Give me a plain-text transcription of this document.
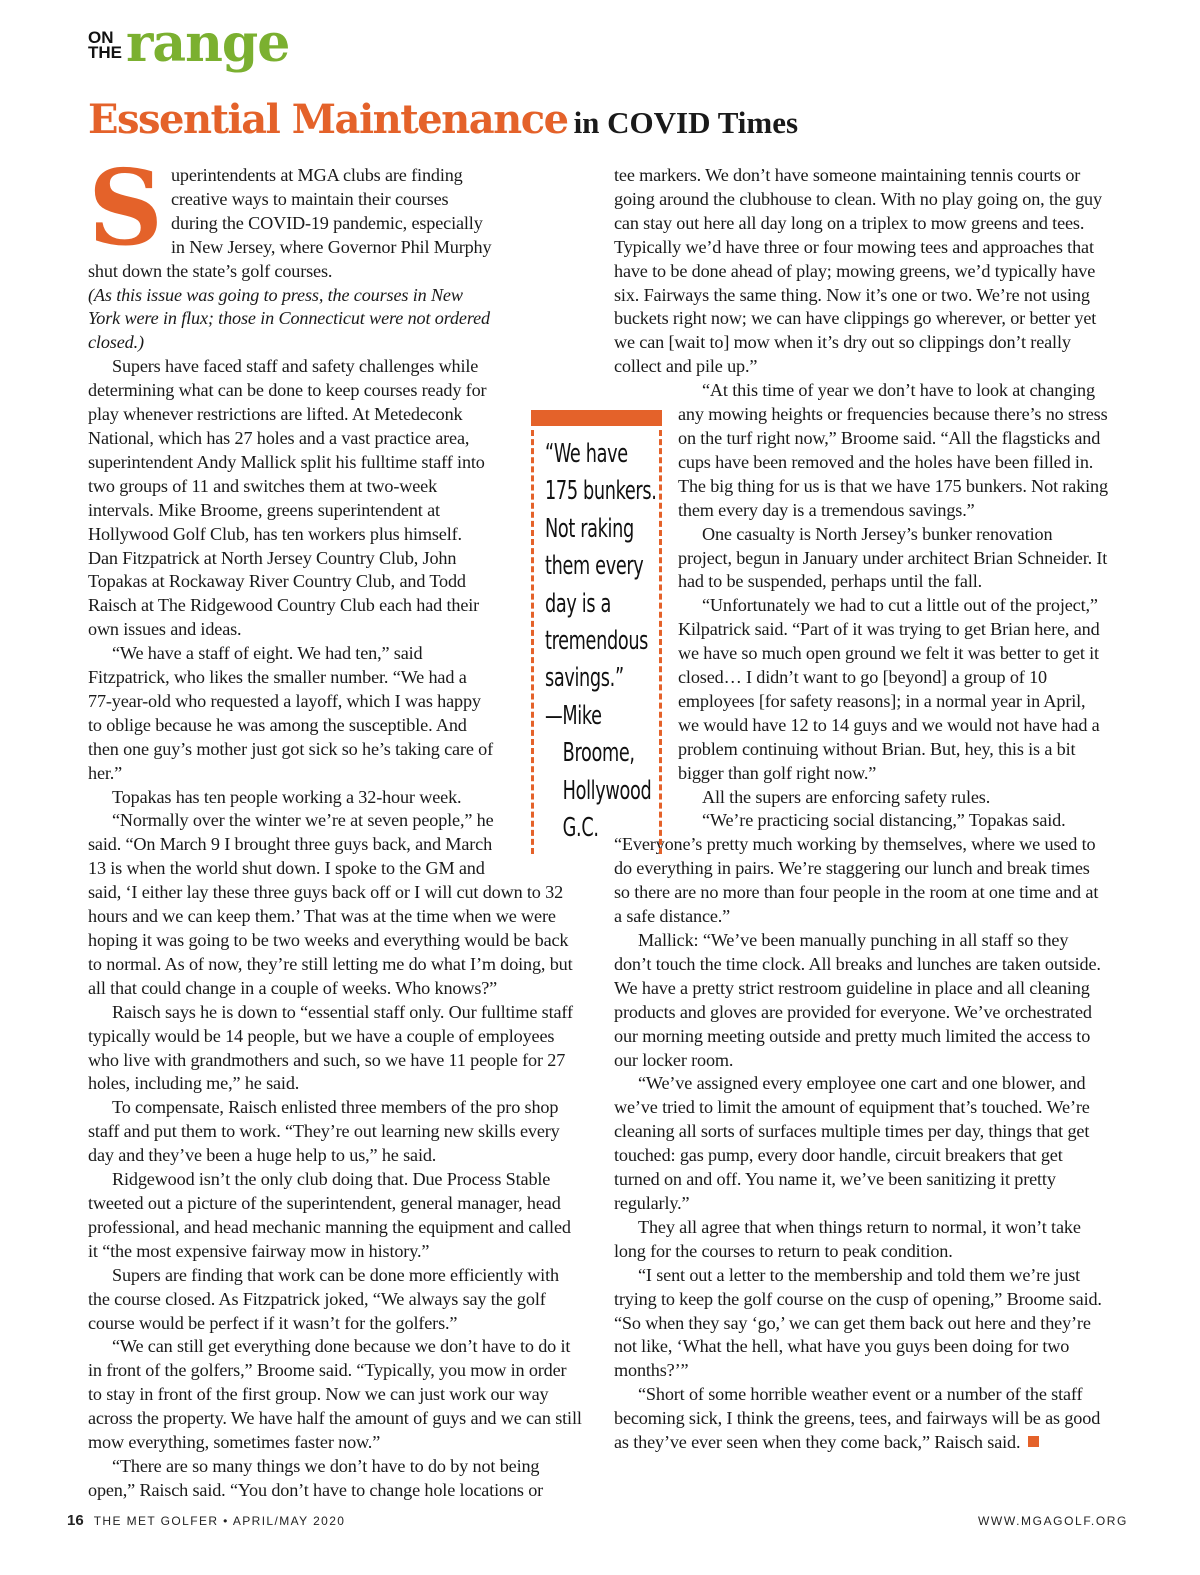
ON THE range
Essential Maintenance in COVID Times

Superintendents at MGA clubs are finding creative ways to maintain their courses during the COVID-19 pandemic, especially in New Jersey, where Governor Phil Murphy shut down the state’s golf courses.

(As this issue was going to press, the courses in New York were in flux; those in Connecticut were not ordered closed.)

Supers have faced staff and safety challenges while determining what can be done to keep courses ready for play whenever restrictions are lifted. At Metedeconk National, which has 27 holes and a vast practice area, superintendent Andy Mallick split his fulltime staff into two groups of 11 and switches them at two-week intervals. Mike Broome, greens superintendent at Hollywood Golf Club, has ten workers plus himself. Dan Fitzpatrick at North Jersey Country Club, John Topakas at Rockaway River Country Club, and Todd Raisch at The Ridgewood Country Club each had their own issues and ideas.

“We have a staff of eight. We had ten,” said Fitzpatrick, who likes the smaller number. “We had a 77-year-old who requested a layoff, which I was happy to oblige because he was among the susceptible. And then one guy’s mother just got sick so he’s taking care of her.”

Topakas has ten people working a 32-hour week.

“Normally over the winter we’re at seven people,” he said. “On March 9 I brought three guys back, and March 13 is when the world shut down. I spoke to the GM and said, ‘I either lay these three guys back off or I will cut down to 32 hours and we can keep them.’ That was at the time when we were hoping it was going to be two weeks and everything would be back to normal. As of now, they’re still letting me do what I’m doing, but all that could change in a couple of weeks. Who knows?”

Raisch says he is down to “essential staff only. Our fulltime staff typically would be 14 people, but we have a couple of employees who live with grandmothers and such, so we have 11 people for 27 holes, including me,” he said.

To compensate, Raisch enlisted three members of the pro shop staff and put them to work. “They’re out learning new skills every day and they’ve been a huge help to us,” he said.

Ridgewood isn’t the only club doing that. Due Process Stable tweeted out a picture of the superintendent, general manager, head professional, and head mechanic manning the equipment and called it “the most expensive fairway mow in history.”

Supers are finding that work can be done more efficiently with the course closed. As Fitzpatrick joked, “We always say the golf course would be perfect if it wasn’t for the golfers.”

“We can still get everything done because we don’t have to do it in front of the golfers,” Broome said. “Typically, you mow in order to stay in front of the first group. Now we can just work our way across the property. We have half the amount of guys and we can still mow everything, sometimes faster now.”

“There are so many things we don’t have to do by not being open,” Raisch said. “You don’t have to change hole locations or

tee markers. We don’t have someone maintaining tennis courts or going around the clubhouse to clean. With no play going on, the guy can stay out here all day long on a triplex to mow greens and tees. Typically we’d have three or four mowing tees and approaches that have to be done ahead of play; mowing greens, we’d typically have six. Fairways the same thing. Now it’s one or two. We’re not using buckets right now; we can have clippings go wherever, or better yet we can [wait to] mow when it’s dry out so clippings don’t really collect and pile up.”

“At this time of year we don’t have to look at changing any mowing heights or frequencies because there’s no stress on the turf right now,” Broome said. “All the flagsticks and cups have been removed and the holes have been filled in. The big thing for us is that we have 175 bunkers. Not raking them every day is a tremendous savings.”

One casualty is North Jersey’s bunker renovation project, begun in January under architect Brian Schneider. It had to be suspended, perhaps until the fall.

“Unfortunately we had to cut a little out of the project,” Kilpatrick said. “Part of it was trying to get Brian here, and we have so much open ground we felt it was better to get it closed… I didn’t want to go [beyond] a group of 10 employees [for safety reasons]; in a normal year in April, we would have 12 to 14 guys and we would not have had a problem continuing without Brian. But, hey, this is a bit bigger than golf right now.”

All the supers are enforcing safety rules.

“We’re practicing social distancing,” Topakas said. “Everyone’s pretty much working by themselves, where we used to do everything in pairs. We’re staggering our lunch and break times so there are no more than four people in the room at one time and at a safe distance.”

Mallick: “We’ve been manually punching in all staff so they don’t touch the time clock. All breaks and lunches are taken outside. We have a pretty strict restroom guideline in place and all cleaning products and gloves are provided for everyone. We’ve orchestrated our morning meeting outside and pretty much limited the access to our locker room.

“We’ve assigned every employee one cart and one blower, and we’ve tried to limit the amount of equipment that’s touched. We’re cleaning all sorts of surfaces multiple times per day, things that get touched: gas pump, every door handle, circuit breakers that get turned on and off. You name it, we’ve been sanitizing it pretty regularly.”

They all agree that when things return to normal, it won’t take long for the courses to return to peak condition.

“I sent out a letter to the membership and told them we’re just trying to keep the golf course on the cusp of opening,” Broome said. “So when they say ‘go,’ we can get them back out here and they’re not like, ‘What the hell, what have you guys been doing for two months?’”

“Short of some horrible weather event or a number of the staff becoming sick, I think the greens, tees, and fairways will be as good as they’ve ever seen when they come back,” Raisch said.

“We have 175 bunkers. Not raking them every day is a tremendous savings.”
—Mike
Broome,
Hollywood
G.C.
16 THE MET GOLFER • APRIL/MAY 2020	WWW.MGAGOLF.ORG
